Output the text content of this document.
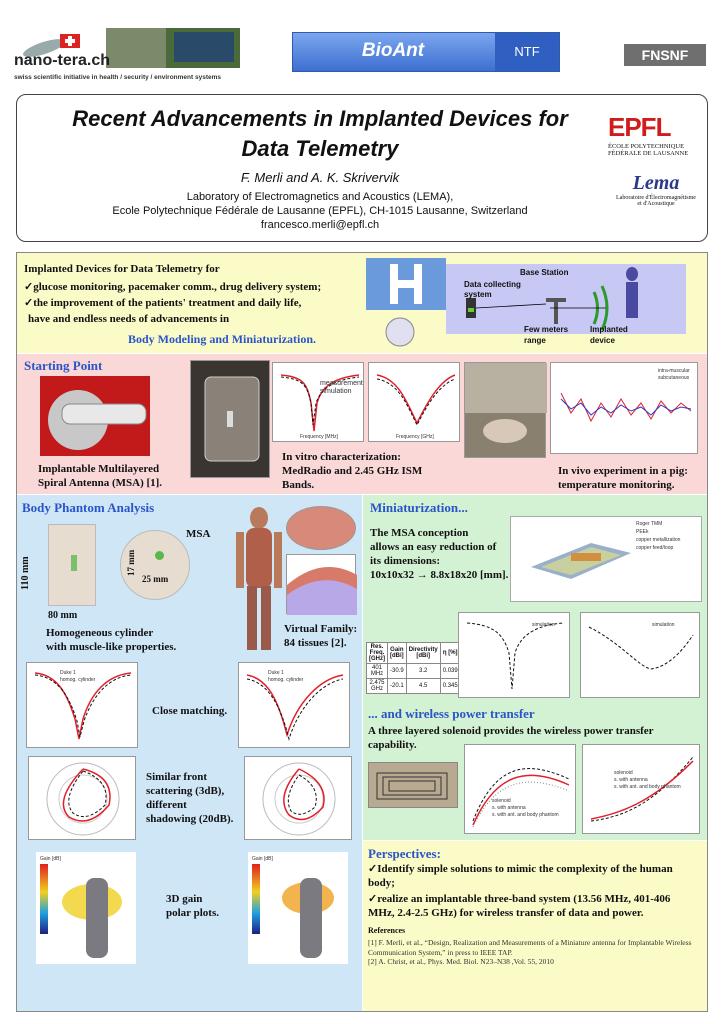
nano-tera.ch
swiss scientific initiative in health / security / environment systems
BioAnt	NTF	FNSNF
Recent Advancements in Implanted Devices for
Data Telemetry
F. Merli and A. K. Skrivervik
Laboratory of Electromagnetics and Acoustics (LEMA),
Ecole Polytechnique Fédérale de Lausanne (EPFL), CH-1015 Lausanne, Switzerland
francesco.merli@epfl.ch
EPFL
ÉCOLE POLYTECHNIQUE
FÉDÉRALE DE LAUSANNE
Lema
Laboratoire d'Électromagnétisme
et d'Acoustique
Implanted Devices for Data Telemetry for
✓glucose monitoring, pacemaker comm., drug delivery system;
✓the improvement of the patients' treatment and daily life,
have and endless needs of advancements in
Body Modeling and Miniaturization.
Base Station
Data collecting
system
Few meters
range
Implanted
device
Starting Point
Implantable Multilayered
Spiral Antenna (MSA) [1].
measurement
simulation
Frequency [MHz]	Frequency [GHz]
In vitro characterization:
MedRadio and 2.45 GHz ISM
Bands.
intra-muscular
subcutaneous
In vivo experiment in a pig:
temperature monitoring.
Body Phantom Analysis
110 mm
80 mm
17 mm
25 mm
MSA
Homogeneous cylinder
with muscle-like properties.
Virtual Family:
84 tissues [2].
Duke 1
homog. cylinder
Close matching.
Duke 1
homog. cylinder
Similar front
scattering (3dB),
different
shadowing (20dB).
Gain [dB]
3D gain
polar plots.
Gain [dB]
Miniaturization...
The MSA conception
allows an easy reduction of
its dimensions:
10x10x32 → 8.8x18x20 [mm].
Roger TMM
PEEk
copper metallization
copper feed/loop
Res. Freq. [GHz]	Gain [dBi]	Directivity [dBi]	η [%]
401 MHz	-30.9	3.2	0.039
2.475 GHz	-20.1	4.5	0.345
simulation	simulation
... and wireless power transfer
A three layered solenoid provides the wireless power transfer
capability.
solenoid
s. with antenna
s. with ant. and body phantom
solenoid
s. with antenna
s. with ant. and body phantom
Perspectives:
✓Identify simple solutions to mimic the complexity of the human body;
✓realize an implantable three-band system (13.56 MHz, 401-406 MHz, 2.4-2.5 GHz) for wireless transfer of data and power.
References
[1] F. Merli, et al., “Design, Realization and Measurements of a Miniature antenna for Implantable Wireless Communication System,” in press to IEEE TAP.
[2] A. Christ, et al., Phys. Med. Biol. N23–N38 ,Vol. 55, 2010
